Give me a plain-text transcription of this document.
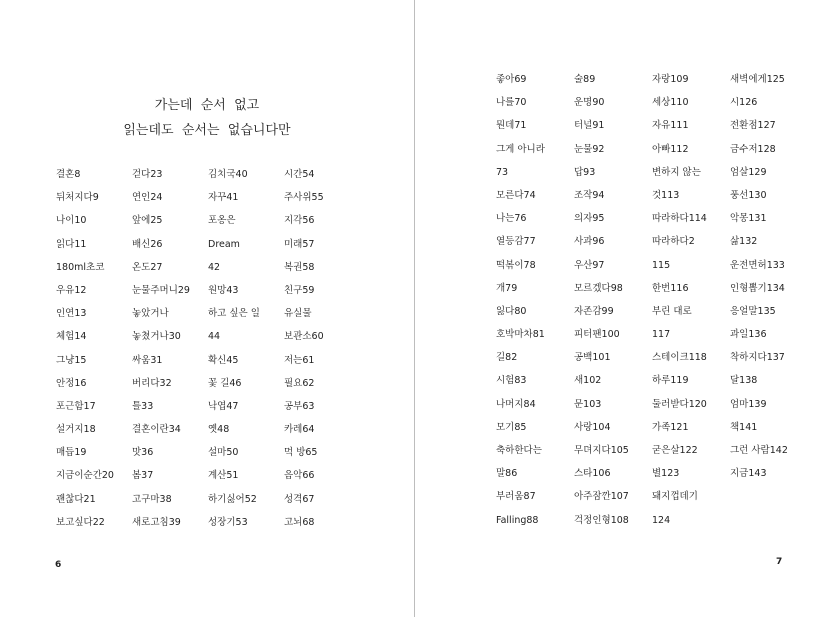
가는데  순서  없고
읽는데도  순서는  없습니다만
결혼8
뒤처지다9
나이10
읽다11
180ml초코
우유12
인연13
체험14
그냥15
안정16
포근함17
설거지18
매듭19
지금이순간20
괜찮다21
보고싶다22
걷다23
연인24
앞에25
배신26
온도27
눈물주머니29
놓았거나
놓쳤거나30
싸움31
버리다32
틀33
결혼이란34
맛36
봄37
고구마38
새로고침39
김치국40
자꾸41
포옹은
Dream
42
원망43
하고 싶은 일
44
확신45
꽃 길46
낙엽47
옛48
설마50
계산51
하기싫어52
성장기53
시간54
주사위55
지각56
미래57
복권58
친구59
유실물
보관소60
저는61
필요62
공부63
카레64
먹 방65
음악66
성격67
고뇌68
6
좋아69
나를70
뭔데71
그게 아니라
73
모른다74
나는76
열등감77
떡볶이78
개79
잃다80
호박마차81
길82
시험83
나머지84
모기85
축하한다는
말86
부러움87
Falling88
술89
운명90
터널91
눈물92
답93
조작94
의자95
사과96
우산97
모르겠다98
자존감99
피터팬100
공백101
새102
문103
사랑104
무뎌지다105
스타106
아주잠깐107
걱정인형108
자랑109
세상110
자유111
아빠112
변하지 않는
것113
따라하다114
따라하다2
115
한번116
부린 대로
117
스테이크118
하루119
둘러받다120
가족121
굳은살122
별123
돼지껍데기
124
새벽에게125
시126
전환점127
금수저128
엄살129
풍선130
악몽131
삶132
운전면허133
인형뽑기134
응얼말135
과일136
착하지다137
달138
엄마139
책141
그런 사람142
지금143
7
